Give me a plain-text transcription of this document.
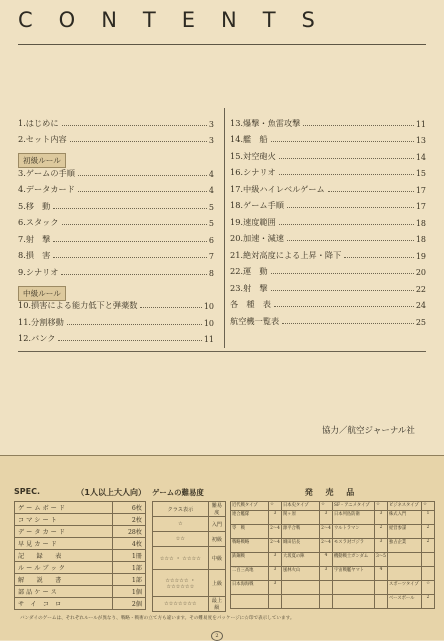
CONTENTS
1.はじめに	3
2.セット内容	3
初級ルール
3.ゲームの手順	4
4.データカード	4
5.移　動	5
6.スタック	5
7.射　撃	6
8.損　害	7
9.シナリオ	8
中級ルール
10.損害による能力低下と弾薬数	10
11.分割移動	10
12.バンク	11
13.爆撃・魚雷攻撃	11
14.艦　船	13
15.対空砲火	14
16.シナリオ	15
17.中級ハイレベルゲーム	17
18.ゲーム手順	17
19.速度範囲	18
20.加速・減速	18
21.絶対高度による上昇・降下	19
22.運　動	20
23.射　撃	22
各　種　表	24
航空機一覧表	25
協力／航空ジャーナル社
SPEC.	（1人以上大人向）
ゲ ー ム ボ ー ド	6枚
コ マ シ ー ト	2枚
デ ー タ カ ー ド	28枚
早 見 カ ー ド	4枚
記　　録　　表	1冊
ル ー ル ブ ッ ク	1部
解　　説　　書	1部
部 品 ケ ー ス	1個
サ　イ　コ　ロ	2個
ゲームの難易度
クラス表示	難易度
☆	入門
☆☆	初級
☆☆☆ ・ ☆☆☆☆	中級
☆☆☆☆☆ ・ ☆☆☆☆☆☆	上級
☆☆☆☆☆☆☆	最上級
発 売 品
近代戦タイプ	☆	日本史タイプ	☆	SF・アニメタイプ	☆	ビジネスタイプ	☆
連合艦隊	3	関ヶ原	3	日本列島防衛	3	株式入門	1
零　戦	2〜4	源平合戦	2〜4	ウルトラマン	2	経営参謀	2
戦略戦略	2〜4	織田信長	2〜4	モスラ対ゴジラ	3	独占企業	2
鉄鋼戦	3	大坂夏の陣	4	機動戦士ガンダム	3〜5		
二百三高地	3	風林火山	3	宇宙戦艦ヤマト	4		
日本海海戦	3					スポーツタイプ	☆
						ベースボール	2
バンダイのゲームは、それぞれルールが異なり、戦略・戦術の立て方も違います。その難易度をパッケージに☆印で表示しています。
2
